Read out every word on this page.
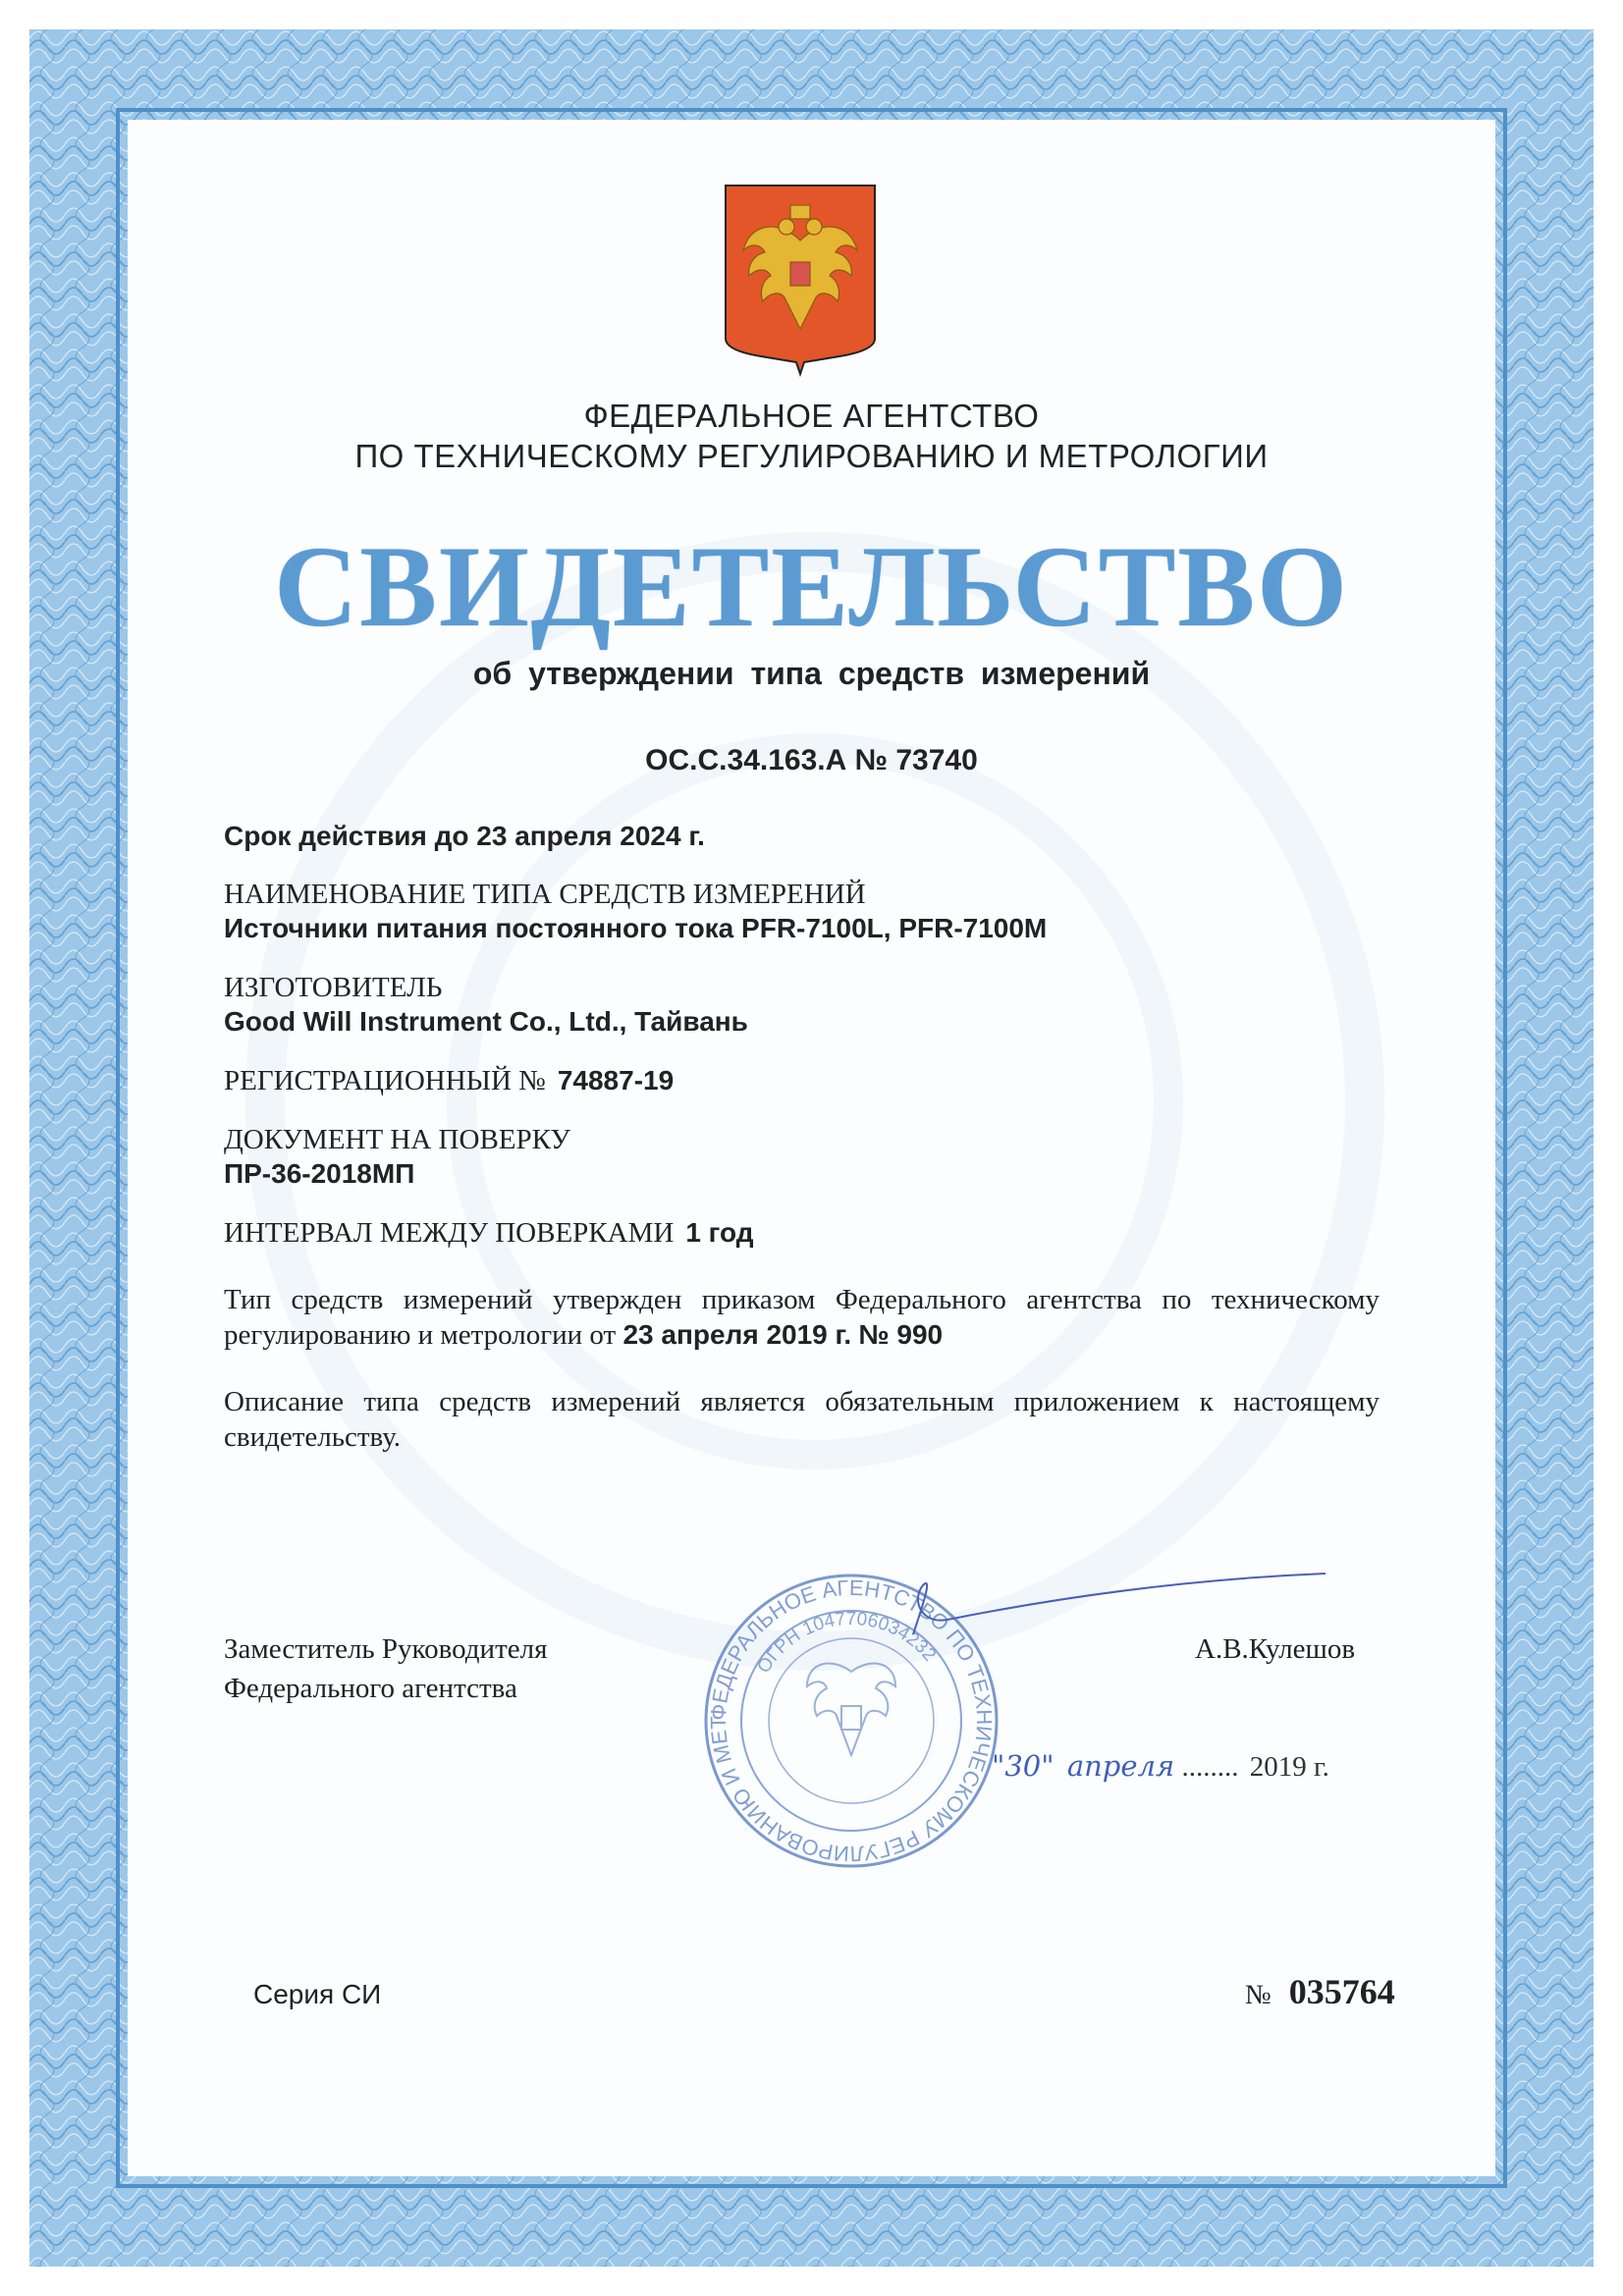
ФЕДЕРАЛЬНОЕ АГЕНТСТВО
ПО ТЕХНИЧЕСКОМУ РЕГУЛИРОВАНИЮ И МЕТРОЛОГИИ
СВИДЕТЕЛЬСТВО
об утверждении типа средств измерений
ОС.С.34.163.А № 73740
Срок действия до 23 апреля 2024 г.
НАИМЕНОВАНИЕ ТИПА СРЕДСТВ ИЗМЕРЕНИЙ
Источники питания постоянного тока PFR-7100L, PFR-7100M
ИЗГОТОВИТЕЛЬ
Good Will Instrument Co., Ltd., Тайвань
РЕГИСТРАЦИОННЫЙ № 74887-19
ДОКУМЕНТ НА ПОВЕРКУ
ПР-36-2018МП
ИНТЕРВАЛ МЕЖДУ ПОВЕРКАМИ 1 год
Тип средств измерений утвержден приказом Федерального агентства по техническому регулированию и метрологии от 23 апреля 2019 г. № 990
Описание типа средств измерений является обязательным приложением к настоящему свидетельству.
Заместитель Руководителя
Федерального агентства
А.В.Кулешов
"30" апреля ........ 2019 г.
ФЕДЕРАЛЬНОЕ АГЕНТСТВО ПО ТЕХНИЧЕСКОМУ РЕГУЛИРОВАНИЮ И МЕТ
ОГРН 1047706034232
Серия СИ	№ 035764
